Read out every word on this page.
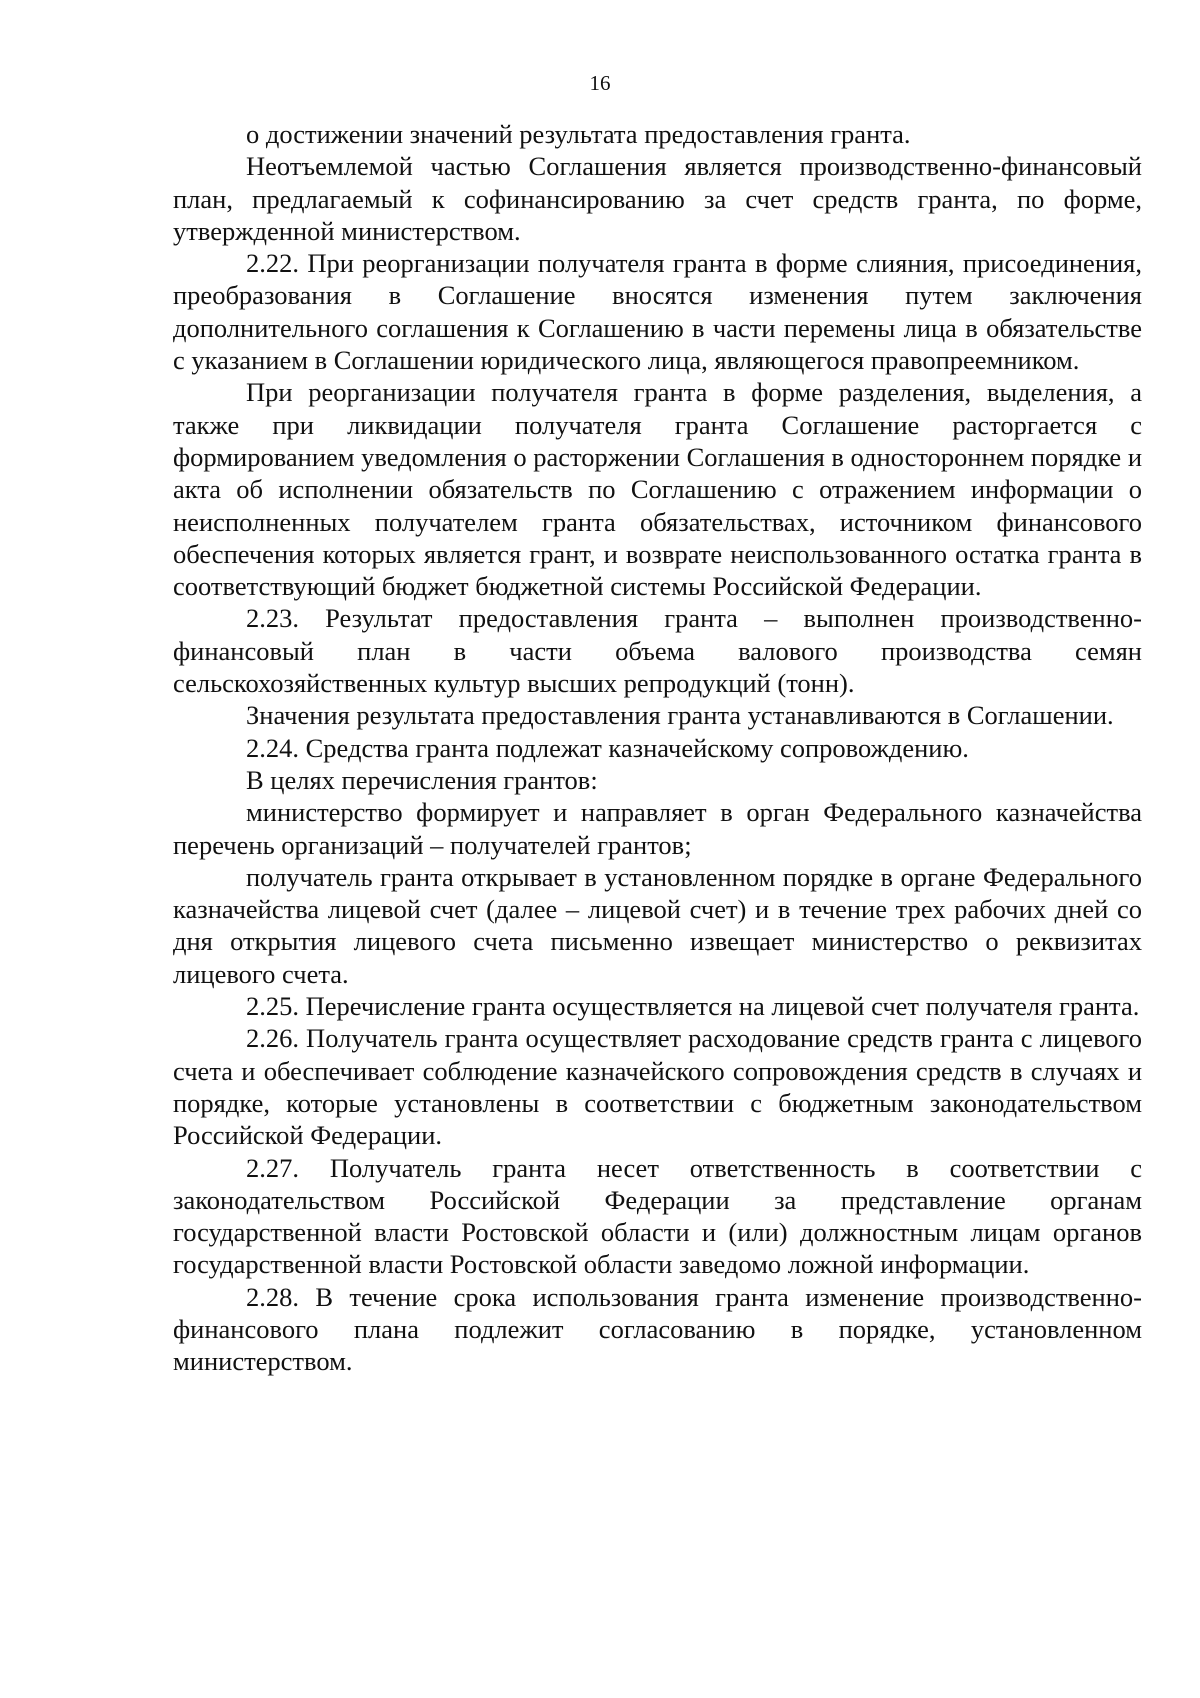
16

о достижении значений результата предоставления гранта.

Неотъемлемой частью Соглашения является производственно-финансовый план, предлагаемый к софинансированию за счет средств гранта, по форме, утвержденной министерством.

2.22. При реорганизации получателя гранта в форме слияния, присоединения, преобразования в Соглашение вносятся изменения путем заключения дополнительного соглашения к Соглашению в части перемены лица в обязательстве с указанием в Соглашении юридического лица, являющегося правопреемником.

При реорганизации получателя гранта в форме разделения, выделения, а также при ликвидации получателя гранта Соглашение расторгается с формированием уведомления о расторжении Соглашения в одностороннем порядке и акта об исполнении обязательств по Соглашению с отражением информации о неисполненных получателем гранта обязательствах, источником финансового обеспечения которых является грант, и возврате неиспользованного остатка гранта в соответствующий бюджет бюджетной системы Российской Федерации.

2.23. Результат предоставления гранта – выполнен производственно-финансовый план в части объема валового производства семян сельскохозяйственных культур высших репродукций (тонн).

Значения результата предоставления гранта устанавливаются в Соглашении.

2.24. Средства гранта подлежат казначейскому сопровождению.

В целях перечисления грантов:

министерство формирует и направляет в орган Федерального казначейства перечень организаций – получателей грантов;

получатель гранта открывает в установленном порядке в органе Федерального казначейства лицевой счет (далее – лицевой счет) и в течение трех рабочих дней со дня открытия лицевого счета письменно извещает министерство о реквизитах лицевого счета.

2.25. Перечисление гранта осуществляется на лицевой счет получателя гранта.

2.26. Получатель гранта осуществляет расходование средств гранта с лицевого счета и обеспечивает соблюдение казначейского сопровождения средств в случаях и порядке, которые установлены в соответствии с бюджетным законодательством Российской Федерации.

2.27. Получатель гранта несет ответственность в соответствии с законодательством Российской Федерации за представление органам государственной власти Ростовской области и (или) должностным лицам органов государственной власти Ростовской области заведомо ложной информации.

2.28. В течение срока использования гранта изменение производственно-финансового плана подлежит согласованию в порядке, установленном министерством.
